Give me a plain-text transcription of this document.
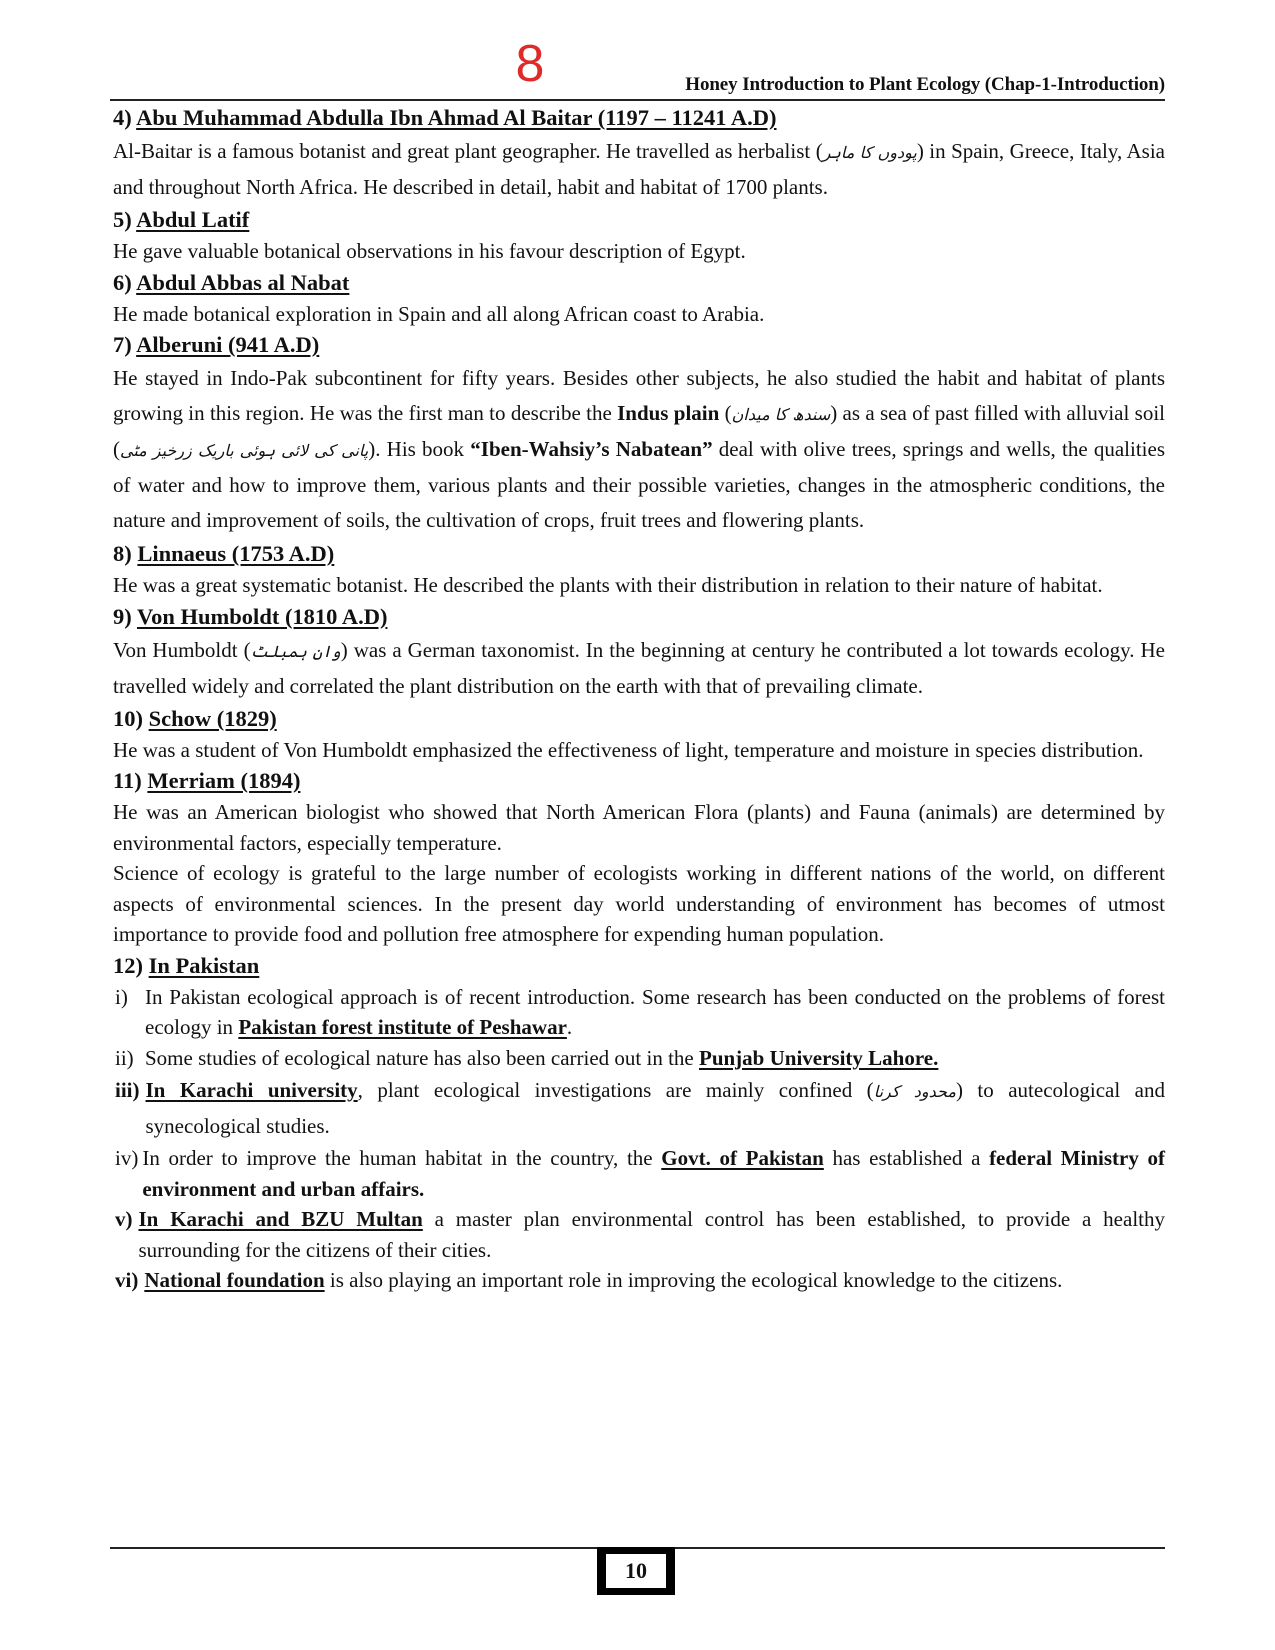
8	Honey Introduction to Plant Ecology (Chap-1-Introduction)
4) Abu Muhammad Abdulla Ibn Ahmad Al Baitar (1197 – 11241 A.D)

Al-Baitar is a famous botanist and great plant geographer. He travelled as herbalist (پودوں کا ماہر) in Spain, Greece, Italy, Asia and throughout North Africa. He described in detail, habit and habitat of 1700 plants.

5) Abdul Latif

He gave valuable botanical observations in his favour description of Egypt.

6) Abdul Abbas al Nabat

He made botanical exploration in Spain and all along African coast to Arabia.

7) Alberuni (941 A.D)

He stayed in Indo-Pak subcontinent for fifty years. Besides other subjects, he also studied the habit and habitat of plants growing in this region. He was the first man to describe the Indus plain (سندھ کا میدان) as a sea of past filled with alluvial soil (پانی کی لائی ہوئی باریک زرخیز مٹی). His book “Iben-Wahsiy’s Nabatean” deal with olive trees, springs and wells, the qualities of water and how to improve them, various plants and their possible varieties, changes in the atmospheric conditions, the nature and improvement of soils, the cultivation of crops, fruit trees and flowering plants.

8) Linnaeus (1753 A.D)

He was a great systematic botanist. He described the plants with their distribution in relation to their nature of habitat.

9) Von Humboldt (1810 A.D)

Von Humboldt (وان ہمبلٹ) was a German taxonomist. In the beginning at century he contributed a lot towards ecology. He travelled widely and correlated the plant distribution on the earth with that of prevailing climate.

10) Schow (1829)

He was a student of Von Humboldt emphasized the effectiveness of light, temperature and moisture in species distribution.

11) Merriam (1894)

He was an American biologist who showed that North American Flora (plants) and Fauna (animals) are determined by environmental factors, especially temperature.

Science of ecology is grateful to the large number of ecologists working in different nations of the world, on different aspects of environmental sciences. In the present day world understanding of environment has becomes of utmost importance to provide food and pollution free atmosphere for expending human population.

12) In Pakistan
i) In Pakistan ecological approach is of recent introduction. Some research has been conducted on the problems of forest ecology in Pakistan forest institute of Peshawar.
ii) Some studies of ecological nature has also been carried out in the Punjab University Lahore.
iii) In Karachi university, plant ecological investigations are mainly confined (محدود کرنا) to autecological and synecological studies.
iv) In order to improve the human habitat in the country, the Govt. of Pakistan has established a federal Ministry of environment and urban affairs.
v) In Karachi and BZU Multan a master plan environmental control has been established, to provide a healthy surrounding for the citizens of their cities.
vi) National foundation is also playing an important role in improving the ecological knowledge to the citizens.
10
